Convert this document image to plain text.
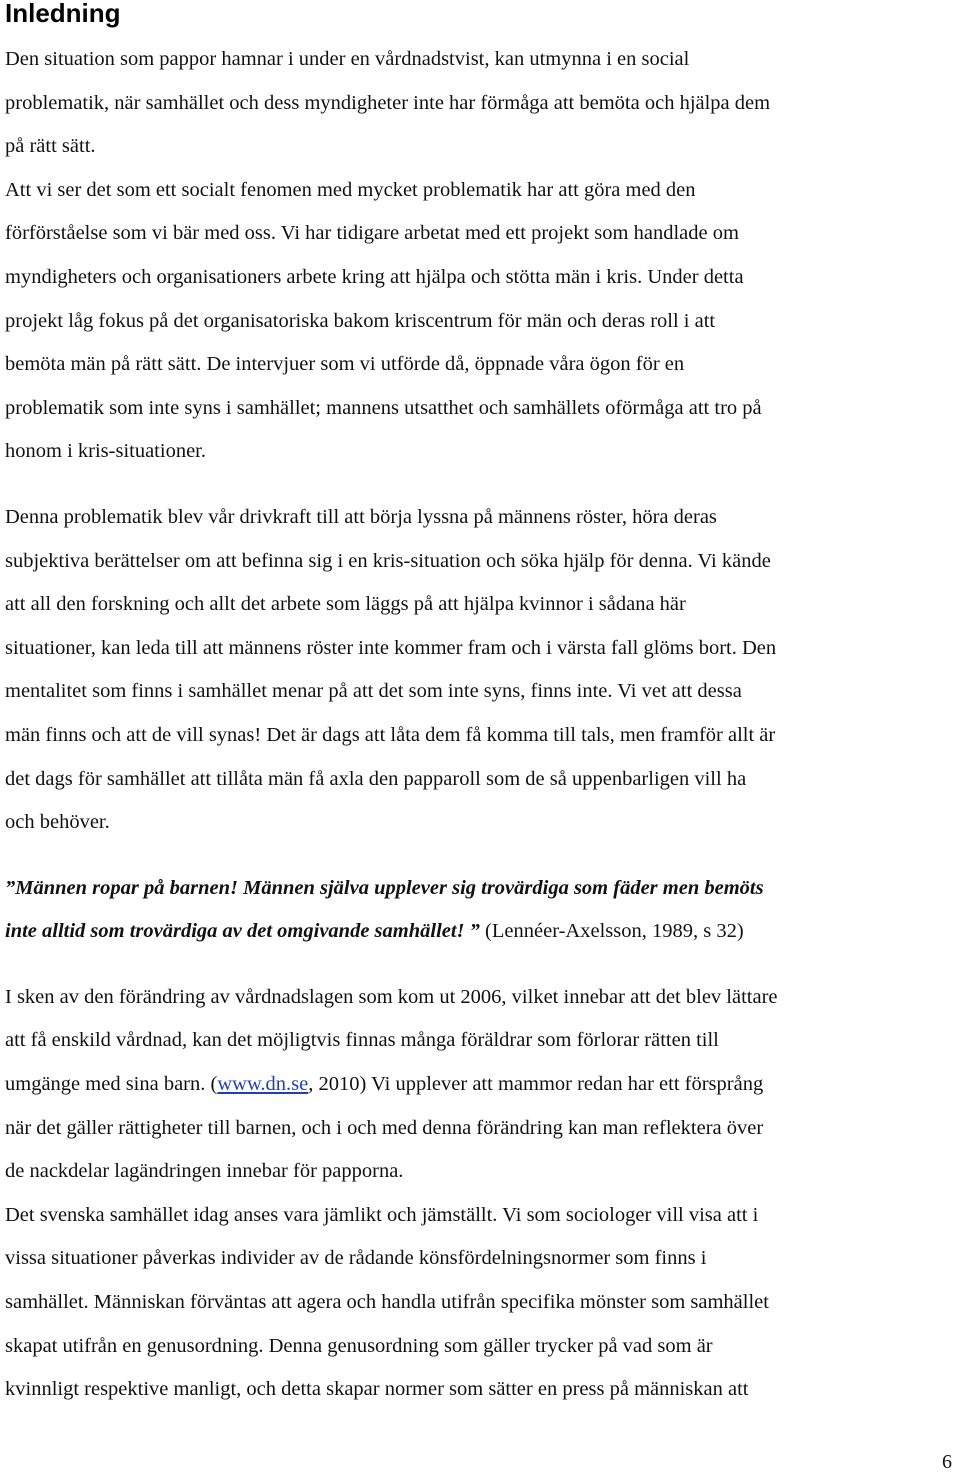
Inledning

Den situation som pappor hamnar i under en vårdnadstvist, kan utmynna i en social
problematik, när samhället och dess myndigheter inte har förmåga att bemöta och hjälpa dem
på rätt sätt.
Att vi ser det som ett socialt fenomen med mycket problematik har att göra med den
förförståelse som vi bär med oss. Vi har tidigare arbetat med ett projekt som handlade om
myndigheters och organisationers arbete kring att hjälpa och stötta män i kris. Under detta
projekt låg fokus på det organisatoriska bakom kriscentrum för män och deras roll i att
bemöta män på rätt sätt. De intervjuer som vi utförde då, öppnade våra ögon för en
problematik som inte syns i samhället; mannens utsatthet och samhällets oförmåga att tro på
honom i kris-situationer.

Denna problematik blev vår drivkraft till att börja lyssna på männens röster, höra deras
subjektiva berättelser om att befinna sig i en kris-situation och söka hjälp för denna. Vi kände
att all den forskning och allt det arbete som läggs på att hjälpa kvinnor i sådana här
situationer, kan leda till att männens röster inte kommer fram och i värsta fall glöms bort. Den
mentalitet som finns i samhället menar på att det som inte syns, finns inte. Vi vet att dessa
män finns och att de vill synas! Det är dags att låta dem få komma till tals, men framför allt är
det dags för samhället att tillåta män få axla den papparoll som de så uppenbarligen vill ha
och behöver.

”Männen ropar på barnen! Männen själva upplever sig trovärdiga som fäder men bemöts
inte alltid som trovärdiga av det omgivande samhället! ” (Lennéer-Axelsson, 1989, s 32)

I sken av den förändring av vårdnadslagen som kom ut 2006, vilket innebar att det blev lättare
att få enskild vårdnad, kan det möjligtvis finnas många föräldrar som förlorar rätten till
umgänge med sina barn. (www.dn.se, 2010) Vi upplever att mammor redan har ett försprång
när det gäller rättigheter till barnen, och i och med denna förändring kan man reflektera över
de nackdelar lagändringen innebar för papporna.

Det svenska samhället idag anses vara jämlikt och jämställt. Vi som sociologer vill visa att i
vissa situationer påverkas individer av de rådande könsfördelningsnormer som finns i
samhället. Människan förväntas att agera och handla utifrån specifika mönster som samhället
skapat utifrån en genusordning. Denna genusordning som gäller trycker på vad som är
kvinnligt respektive manligt, och detta skapar normer som sätter en press på människan att

6
